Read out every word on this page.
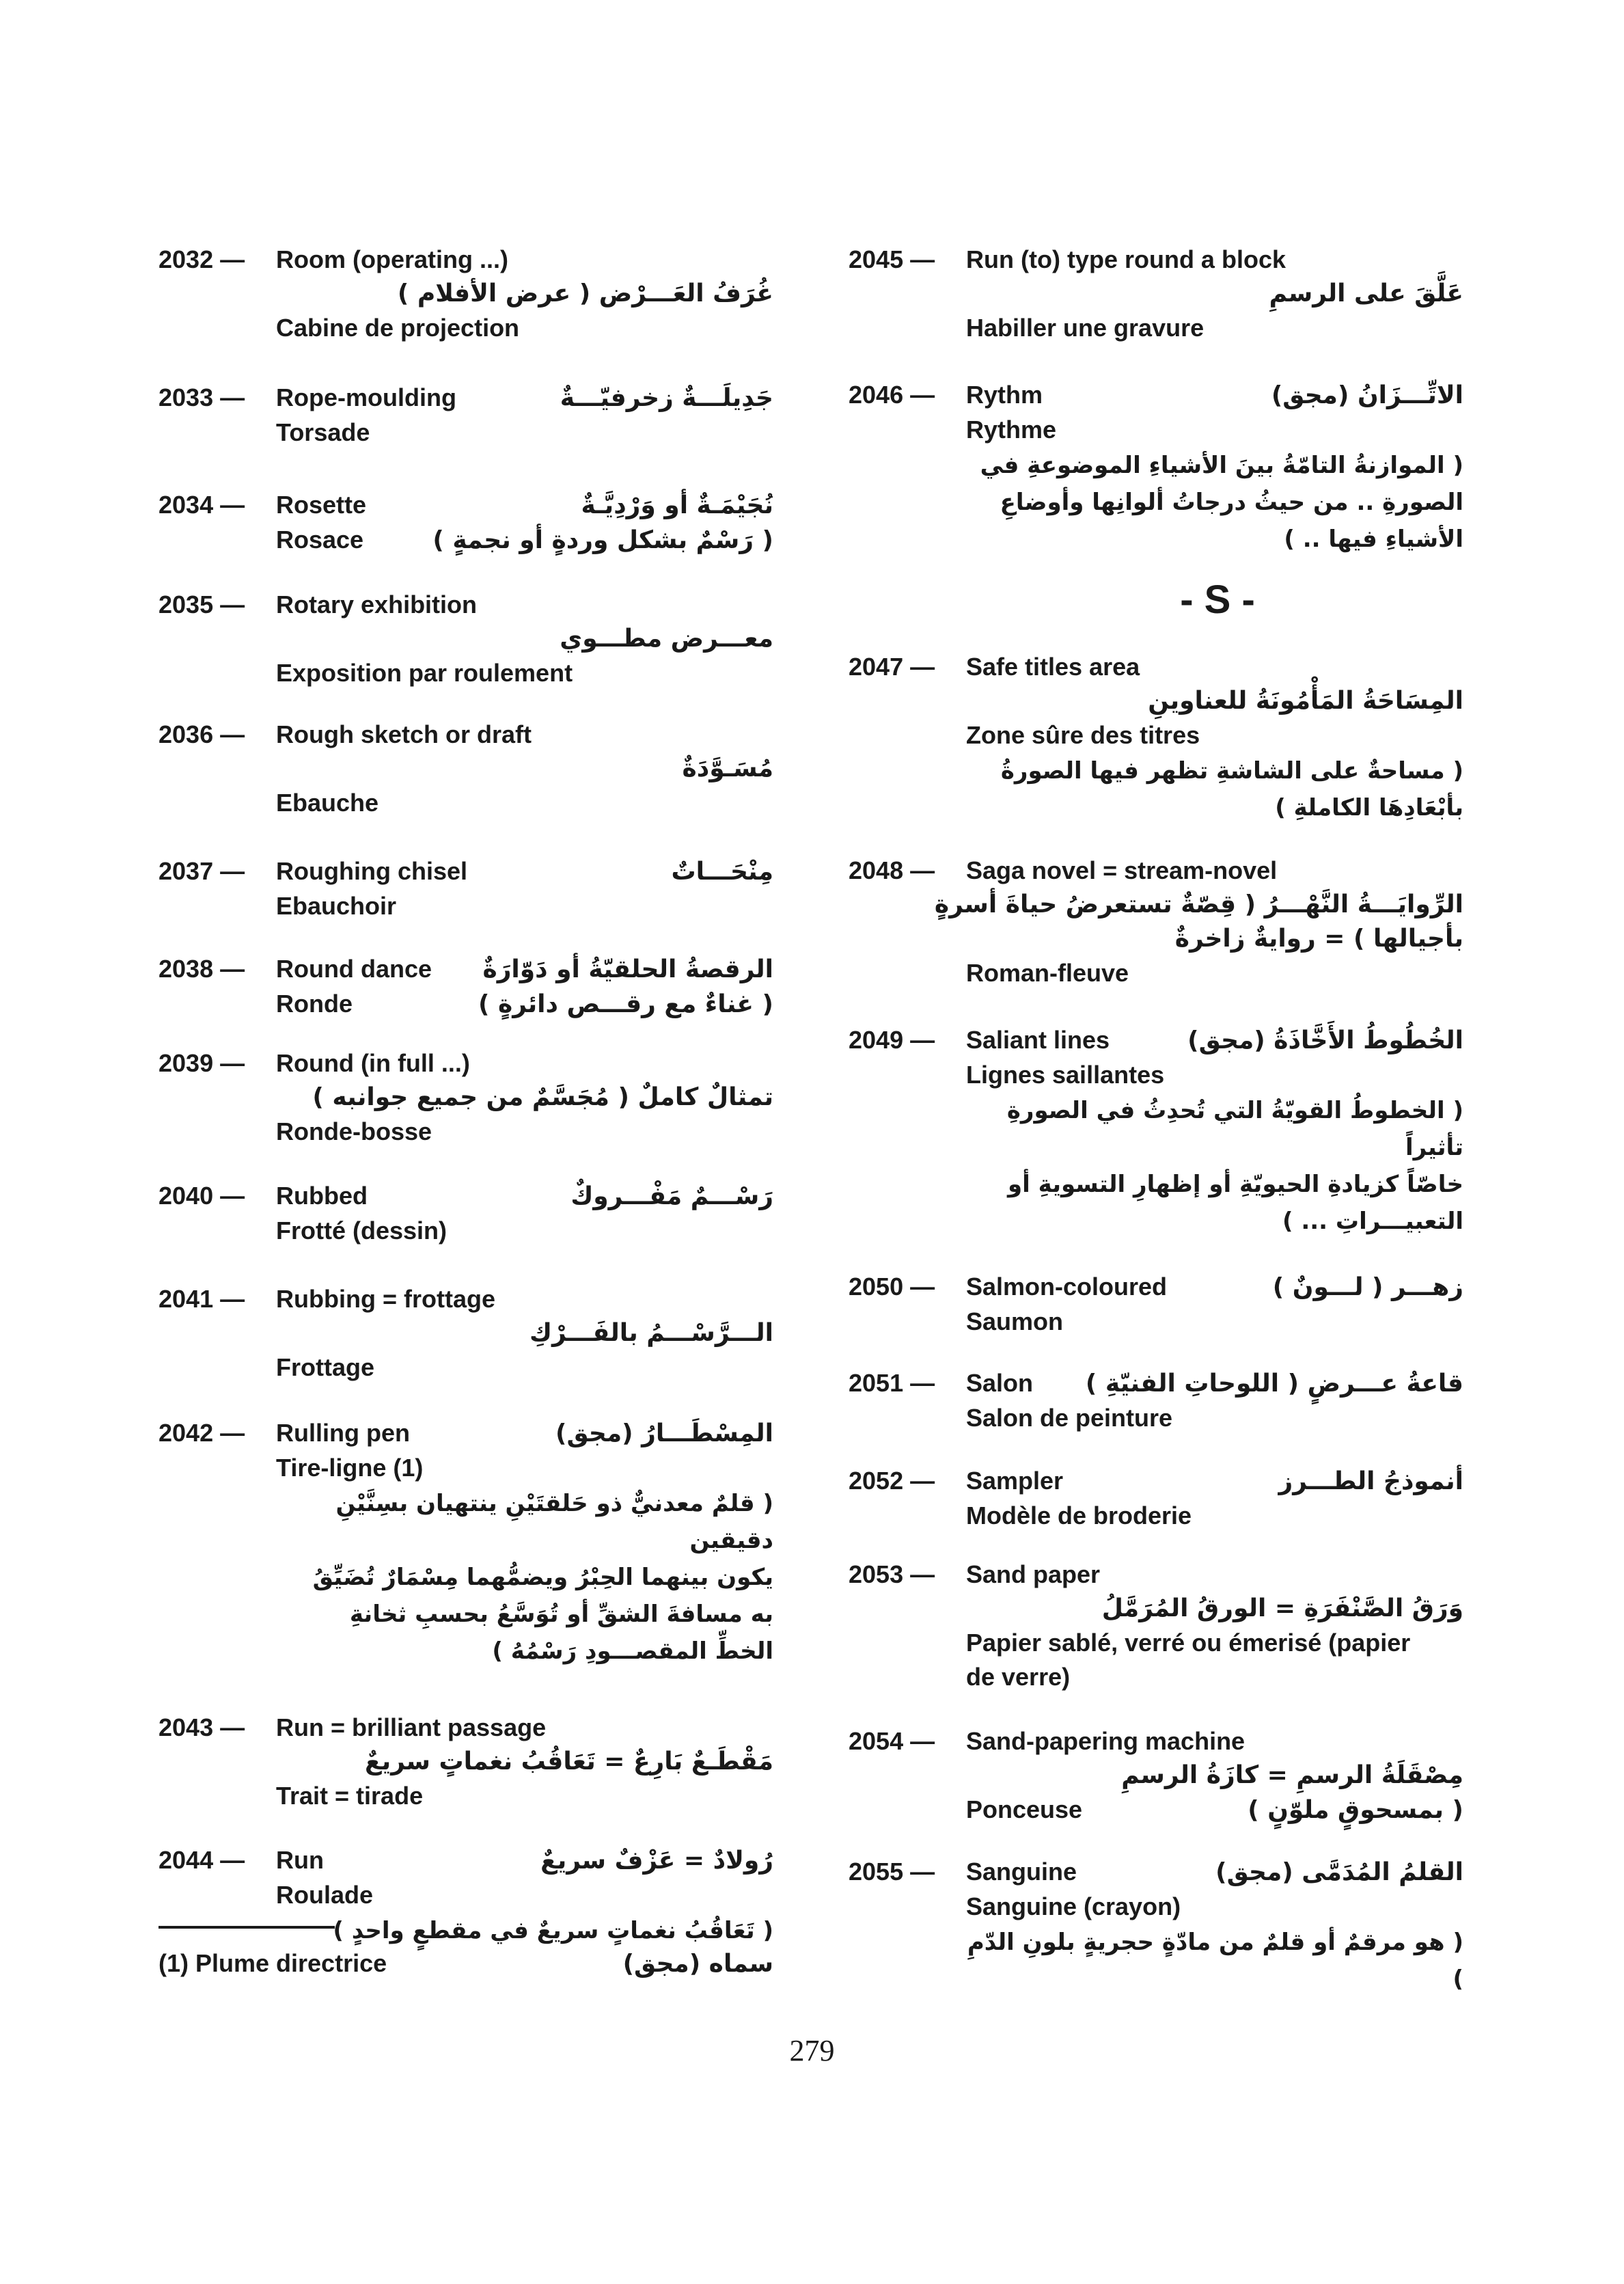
2032 — Room (operating ...)
غُرَفُ العَـــرْض ( عرض الأفلام )
Cabine de projection
2033 — Rope-moulding	جَدِيلَـــةٌ زخرفيّـــةٌ
Torsade
2034 — Rosette	نُجَيْمَـةٌ أو وَرْدِيَّـةٌ
Rosace	( رَسْمٌ بشكل وردةٍ أو نجمةٍ )
2035 — Rotary exhibition
معـــرض مطـــوي
Exposition par roulement
2036 — Rough sketch or draft
مُسَـوَّدَةٌ
Ebauche
2037 — Roughing chisel	مِنْحَـــاتٌ
Ebauchoir
2038 — Round dance الرقصةُ الحلقيّةُ أو دَوّارَةٌ
Ronde	( غناءٌ مع رقـــص دائرةٍ )
2039 — Round (in full ...)
تمثالٌ كاملٌ ( مُجَسَّمٌ من جميع جوانبه )
Ronde-bosse
2040 — Rubbed	رَسْـــمٌ مَفْـــروكٌ
Frotté (dessin)
2041 — Rubbing = frottage
الـــرَّسْـــمُ بالفَـــرْكِ
Frottage
2042 — Rulling pen	المِسْطَـــارُ (مجق)
Tire-ligne (1)
( قلمٌ معدنيٌّ ذو حَلقتَيْنِ ينتهيان بسِنَّيْنِ دقيقين
يكون بينهما الحِبْرُ ويضمُّهما مِسْمَارٌ تُضَيِّقُ
به مسافةَ الشقِّ أو تُوَسَّعُ بحسبِ ثخانةِ
الخطِّ المقصـــودِ رَسْمُهُ )
2043 — Run = brilliant passage
مَقْطَـعٌ بَارِعٌ = تَعَاقُبُ نغماتٍ سريعٌ
Trait = tirade
2044 — Run	رُولادٌ = عَزْفٌ سريعٌ
Roulade
( تَعَاقُبُ نغماتٍ سريعٌ في مقطعٍ واحدٍ )
2045 — Run (to) type round a block
عَلَّقَ على الرسمِ
Habiller une gravure
2046 — Rythm	الاتِّـــزَانُ (مجق)
Rythme
( الموازنةُ التامّةُ بينَ الأشياءِ الموضوعةِ في
الصورةِ .. من حيثُ درجاتُ ألوانِها وأوضاعِ
الأشياءِ فيها .. )
- S -
2047 — Safe titles area
المِسَاحَةُ المَأْمُونَةُ للعناوينِ
Zone sûre des titres
( مساحةٌ على الشاشةِ تظهر فيها الصورةُ
بأبْعَادِهَا الكاملةِ )
2048 — Saga novel = stream-novel
الرِّوايَـــةُ النَّهْـــرُ ( قِصّةٌ تستعرضُ حياةَ أسرةٍ
بأجيالها ) = روايةٌ زاخرةٌ
Roman-fleuve
2049 — Saliant lines	الخُطُوطُ الأَخَّاذَةُ (مجق)
Lignes saillantes
( الخطوطُ القويّةُ التي تُحدِثُ في الصورةِ تأثيراً
خاصّاً كزيادةِ الحيويّةِ أو إظهارِ التسويةِ أو
التعبيـــراتِ ... )
2050 — Salmon-coloured	زهـــر ( لـــونٌ )
Saumon
2051 — Salon قاعةُ عـــرضٍ ( اللوحاتِ الفنيّةِ )
Salon de peinture
2052 — Sampler	أنموذجُ الطـــرز
Modèle de broderie
2053 — Sand paper
وَرَقُ الصَّنْفَرَةِ = الورقُ المُرَمَّلُ
Papier sablé, verré ou émerisé (papier
de verre)
2054 — Sand-papering machine
مِصْقَلَةُ الرسمِ = كازَةُ الرسمِ
Ponceuse	( بمسحوقٍ ملوّنٍ )
2055 — Sanguine	القلمُ المُدَمَّى (مجق)
Sanguine (crayon)
( هو مرقمٌ أو قلمٌ من مادّةٍ حجريةٍ بلونِ الدّمِ )
(1) Plume directrice	سماه (مجق)
279
